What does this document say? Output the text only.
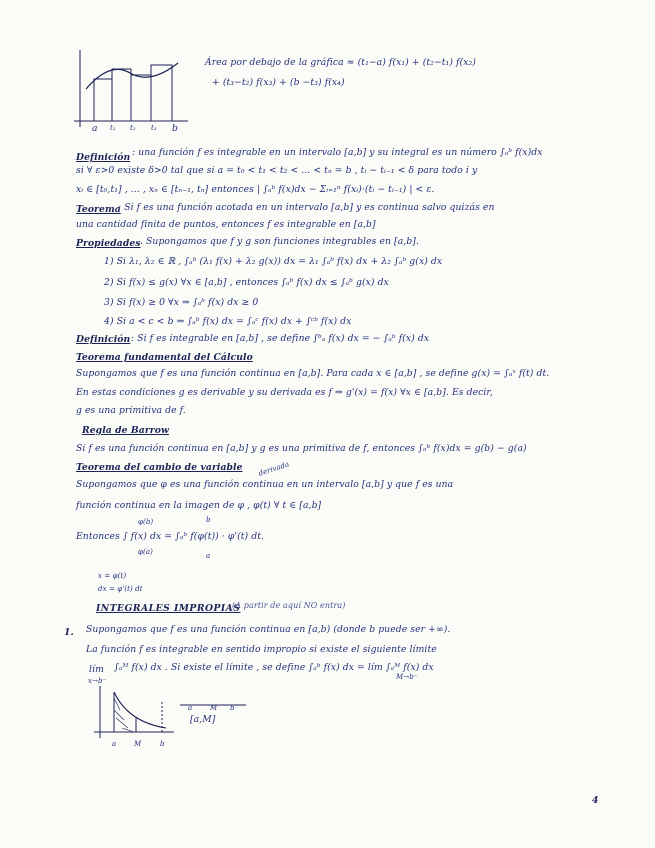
a t₁ t₂ t₃ b
Área por debajo de la gráfica ≈ (t₁−a) f(x₁) + (t₂−t₁) f(x₂)
+ (t₃−t₂) f(x₃) + (b −t₃) f(x₄)
Definición : una función f es integrable en un intervalo [a,b] y su integral es un número ∫ₐᵇ f(x)dx
si ∀ ε>0 existe δ>0 tal que si a = t₀ < t₁ < t₂ < ... < tₙ = b , tᵢ − tᵢ₋₁ < δ para todo i y
xᵢ ∈ [t₀,t₁] , ... , xₙ ∈ [tₙ₋₁, tₙ] entonces | ∫ₐᵇ f(x)dx − Σᵢ₌₁ⁿ f(xᵢ)·(tᵢ − tᵢ₋₁) | < ε.
Teorema
: Si f es una función acotada en un intervalo [a,b] y es continua salvo quizás en
una cantidad finita de puntos, entonces f es integrable en [a,b]
Propiedades . Supongamos que f y g son funciones integrables en [a,b].
1) Si λ₁, λ₂ ∈ ℝ , ∫ₐᵇ (λ₁ f(x) + λ₂ g(x)) dx = λ₁ ∫ₐᵇ f(x) dx + λ₂ ∫ₐᵇ g(x) dx
2) Si f(x) ≤ g(x) ∀x ∈ [a,b] , entonces ∫ₐᵇ f(x) dx ≤ ∫ₐᵇ g(x) dx
3) Si f(x) ≥ 0 ∀x ⇒ ∫ₐᵇ f(x) dx ≥ 0
4) Si a < c < b ⇒ ∫ₐᵇ f(x) dx = ∫ₐᶜ f(x) dx + ∫ᶜᵇ f(x) dx
Definición : Si f es integrable en [a,b] , se define ∫ᵇₐ f(x) dx = − ∫ₐᵇ f(x) dx
Teorema fundamental del Cálculo
Supongamos que f es una función continua en [a,b]. Para cada x ∈ [a,b] , se define g(x) = ∫ₐˣ f(t) dt.
En estas condiciones g es derivable y su derivada es f ⇒ g'(x) = f(x) ∀x ∈ [a,b]. Es decir,
g es una primitiva de f.
Regla de Barrow
Si f es una función continua en [a,b] y g es una primitiva de f, entonces ∫ₐᵇ f(x)dx = g(b) − g(a)
Teorema del cambio de variable derivada
Supongamos que φ es una función continua en un intervalo [a,b] y que f es una
función continua en la imagen de φ , φ(t) ∀ t ∈ [a,b]
φ(b)
Entonces ∫ f(x) dx = ∫ₐᵇ f(φ(t)) · φ'(t) dt.
φ(a)	a
b
x = φ(t)
dx = φ'(t) dt
INTEGRALES IMPROPIAS
(A partir de aquí NO entra)
1. Supongamos que f es una función continua en [a,b) (donde b puede ser +∞).
La función f es integrable en sentido impropio si existe el siguiente límite
lím
x→b⁻
∫ₐᴹ f(x) dx . Si existe el límite , se define ∫ₐᵇ f(x) dx = lím ∫ₐᴹ f(x) dx
M→b⁻
a	M	b
a	M b
[a,M]
4
